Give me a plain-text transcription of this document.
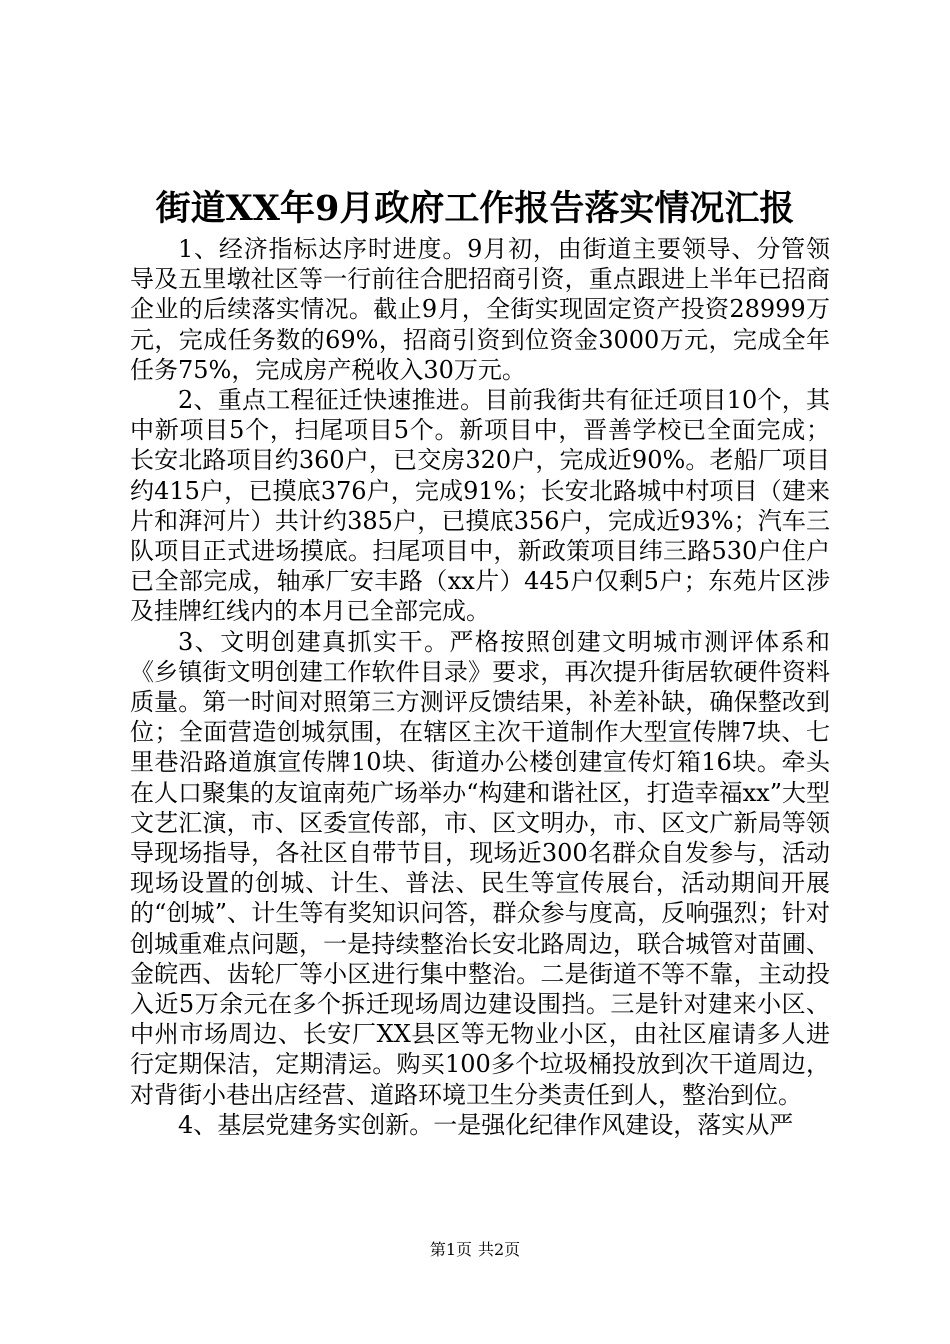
街道XX年9月政府工作报告落实情况汇报

1、经济指标达序时进度。9月初，由街道主要领导、分管领导及五里墩社区等一行前往合肥招商引资，重点跟进上半年已招商企业的后续落实情况。截止9月，全街实现固定资产投资28999万元，完成任务数的69%，招商引资到位资金3000万元，完成全年任务75%，完成房产税收入30万元。

2、重点工程征迁快速推进。目前我街共有征迁项目10个，其中新项目5个，扫尾项目5个。新项目中，晋善学校已全面完成；长安北路项目约360户，已交房320户，完成近90%。老船厂项目约415户，已摸底376户，完成91%；长安北路城中村项目（建来片和湃河片）共计约385户，已摸底356户，完成近93%；汽车三队项目正式进场摸底。扫尾项目中，新政策项目纬三路530户住户已全部完成，轴承厂安丰路（xx片）445户仅剩5户；东苑片区涉及挂牌红线内的本月已全部完成。

3、文明创建真抓实干。严格按照创建文明城市测评体系和《乡镇街文明创建工作软件目录》要求，再次提升街居软硬件资料质量。第一时间对照第三方测评反馈结果，补差补缺，确保整改到位；全面营造创城氛围，在辖区主次干道制作大型宣传牌7块、七里巷沿路道旗宣传牌10块、街道办公楼创建宣传灯箱16块。牵头在人口聚集的友谊南苑广场举办“构建和谐社区，打造幸福xx”大型文艺汇演，市、区委宣传部，市、区文明办，市、区文广新局等领导现场指导，各社区自带节目，现场近300名群众自发参与，活动现场设置的创城、计生、普法、民生等宣传展台，活动期间开展的“创城”、计生等有奖知识问答，群众参与度高，反响强烈；针对创城重难点问题，一是持续整治长安北路周边，联合城管对苗圃、金皖西、齿轮厂等小区进行集中整治。二是街道不等不靠，主动投入近5万余元在多个拆迁现场周边建设围挡。三是针对建来小区、中州市场周边、长安厂XX县区等无物业小区，由社区雇请多人进行定期保洁，定期清运。购买100多个垃圾桶投放到次干道周边，对背街小巷出店经营、道路环境卫生分类责任到人，整治到位。

4、基层党建务实创新。一是强化纪律作风建设，落实从严

第1页 共2页
